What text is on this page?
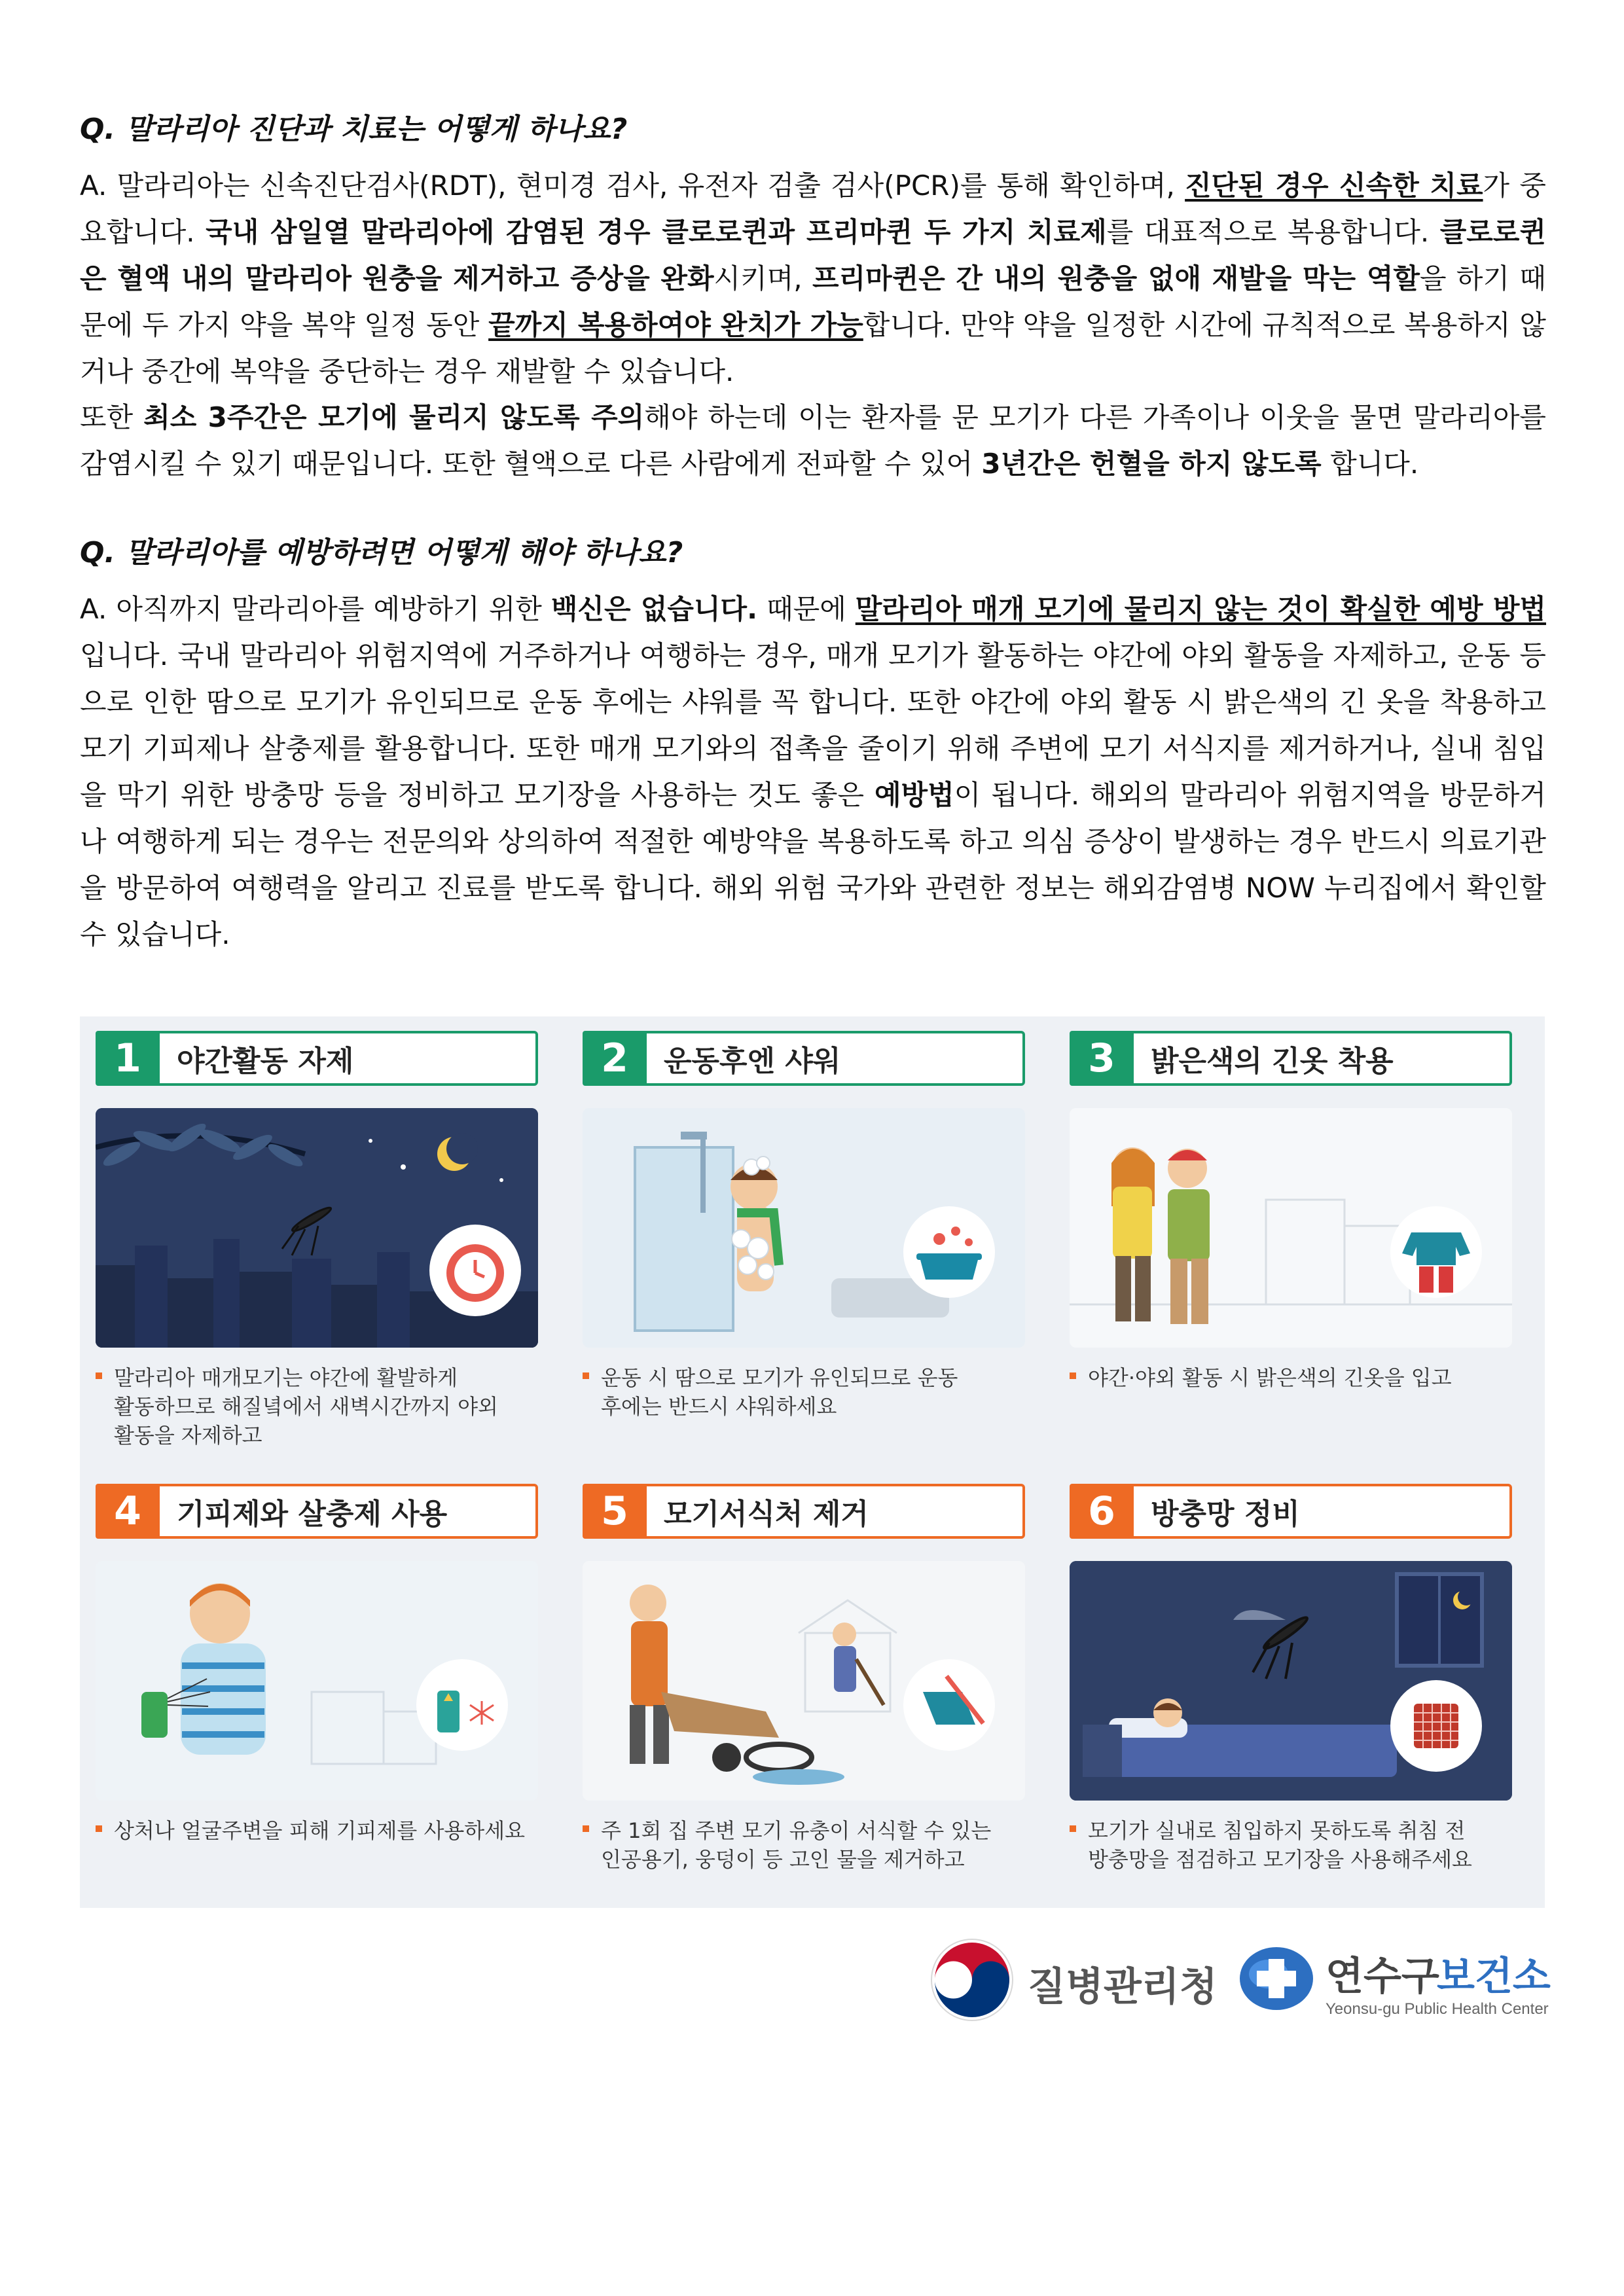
Q. 말라리아 진단과 치료는 어떻게 하나요?
A. 말라리아는 신속진단검사(RDT), 현미경 검사, 유전자 검출 검사(PCR)를 통해 확인하며, 진단된 경우 신속한 치료가 중요합니다. 국내 삼일열 말라리아에 감염된 경우 클로로퀸과 프리마퀸 두 가지 치료제를 대표적으로 복용합니다. 클로로퀸은 혈액 내의 말라리아 원충을 제거하고 증상을 완화시키며, 프리마퀸은 간 내의 원충을 없애 재발을 막는 역할을 하기 때문에 두 가지 약을 복약 일정 동안 끝까지 복용하여야 완치가 가능합니다. 만약 약을 일정한 시간에 규칙적으로 복용하지 않거나 중간에 복약을 중단하는 경우 재발할 수 있습니다.
또한 최소 3주간은 모기에 물리지 않도록 주의해야 하는데 이는 환자를 문 모기가 다른 가족이나 이웃을 물면 말라리아를 감염시킬 수 있기 때문입니다. 또한 혈액으로 다른 사람에게 전파할 수 있어 3년간은 헌혈을 하지 않도록 합니다.
Q. 말라리아를 예방하려면 어떻게 해야 하나요?
A. 아직까지 말라리아를 예방하기 위한 백신은 없습니다. 때문에 말라리아 매개 모기에 물리지 않는 것이 확실한 예방 방법입니다. 국내 말라리아 위험지역에 거주하거나 여행하는 경우, 매개 모기가 활동하는 야간에 야외 활동을 자제하고, 운동 등으로 인한 땀으로 모기가 유인되므로 운동 후에는 샤워를 꼭 합니다. 또한 야간에 야외 활동 시 밝은색의 긴 옷을 착용하고 모기 기피제나 살충제를 활용합니다. 또한 매개 모기와의 접촉을 줄이기 위해 주변에 모기 서식지를 제거하거나, 실내 침입을 막기 위한 방충망 등을 정비하고 모기장을 사용하는 것도 좋은 예방법이 됩니다. 해외의 말라리아 위험지역을 방문하거나 여행하게 되는 경우는 전문의와 상의하여 적절한 예방약을 복용하도록 하고 의심 증상이 발생하는 경우 반드시 의료기관을 방문하여 여행력을 알리고 진료를 받도록 합니다. 해외 위험 국가와 관련한 정보는 해외감염병 NOW 누리집에서 확인할 수 있습니다.
1	야간활동 자제
말라리아 매개모기는 야간에 활발하게
활동하므로 해질녘에서 새벽시간까지 야외
활동을 자제하고
2	운동후엔 샤워
운동 시 땀으로 모기가 유인되므로 운동
후에는 반드시 샤워하세요
3	밝은색의 긴옷 착용
야간·야외 활동 시 밝은색의 긴옷을 입고
4	기피제와 살충제 사용
상처나 얼굴주변을 피해 기피제를 사용하세요
5	모기서식처 제거
주 1회 집 주변 모기 유충이 서식할 수 있는
인공용기, 웅덩이 등 고인 물을 제거하고
6	방충망 정비
모기가 실내로 침입하지 못하도록 취침 전
방충망을 점검하고 모기장을 사용해주세요
질병관리청	연수구
보건소
Yeonsu-gu Public Health Center
